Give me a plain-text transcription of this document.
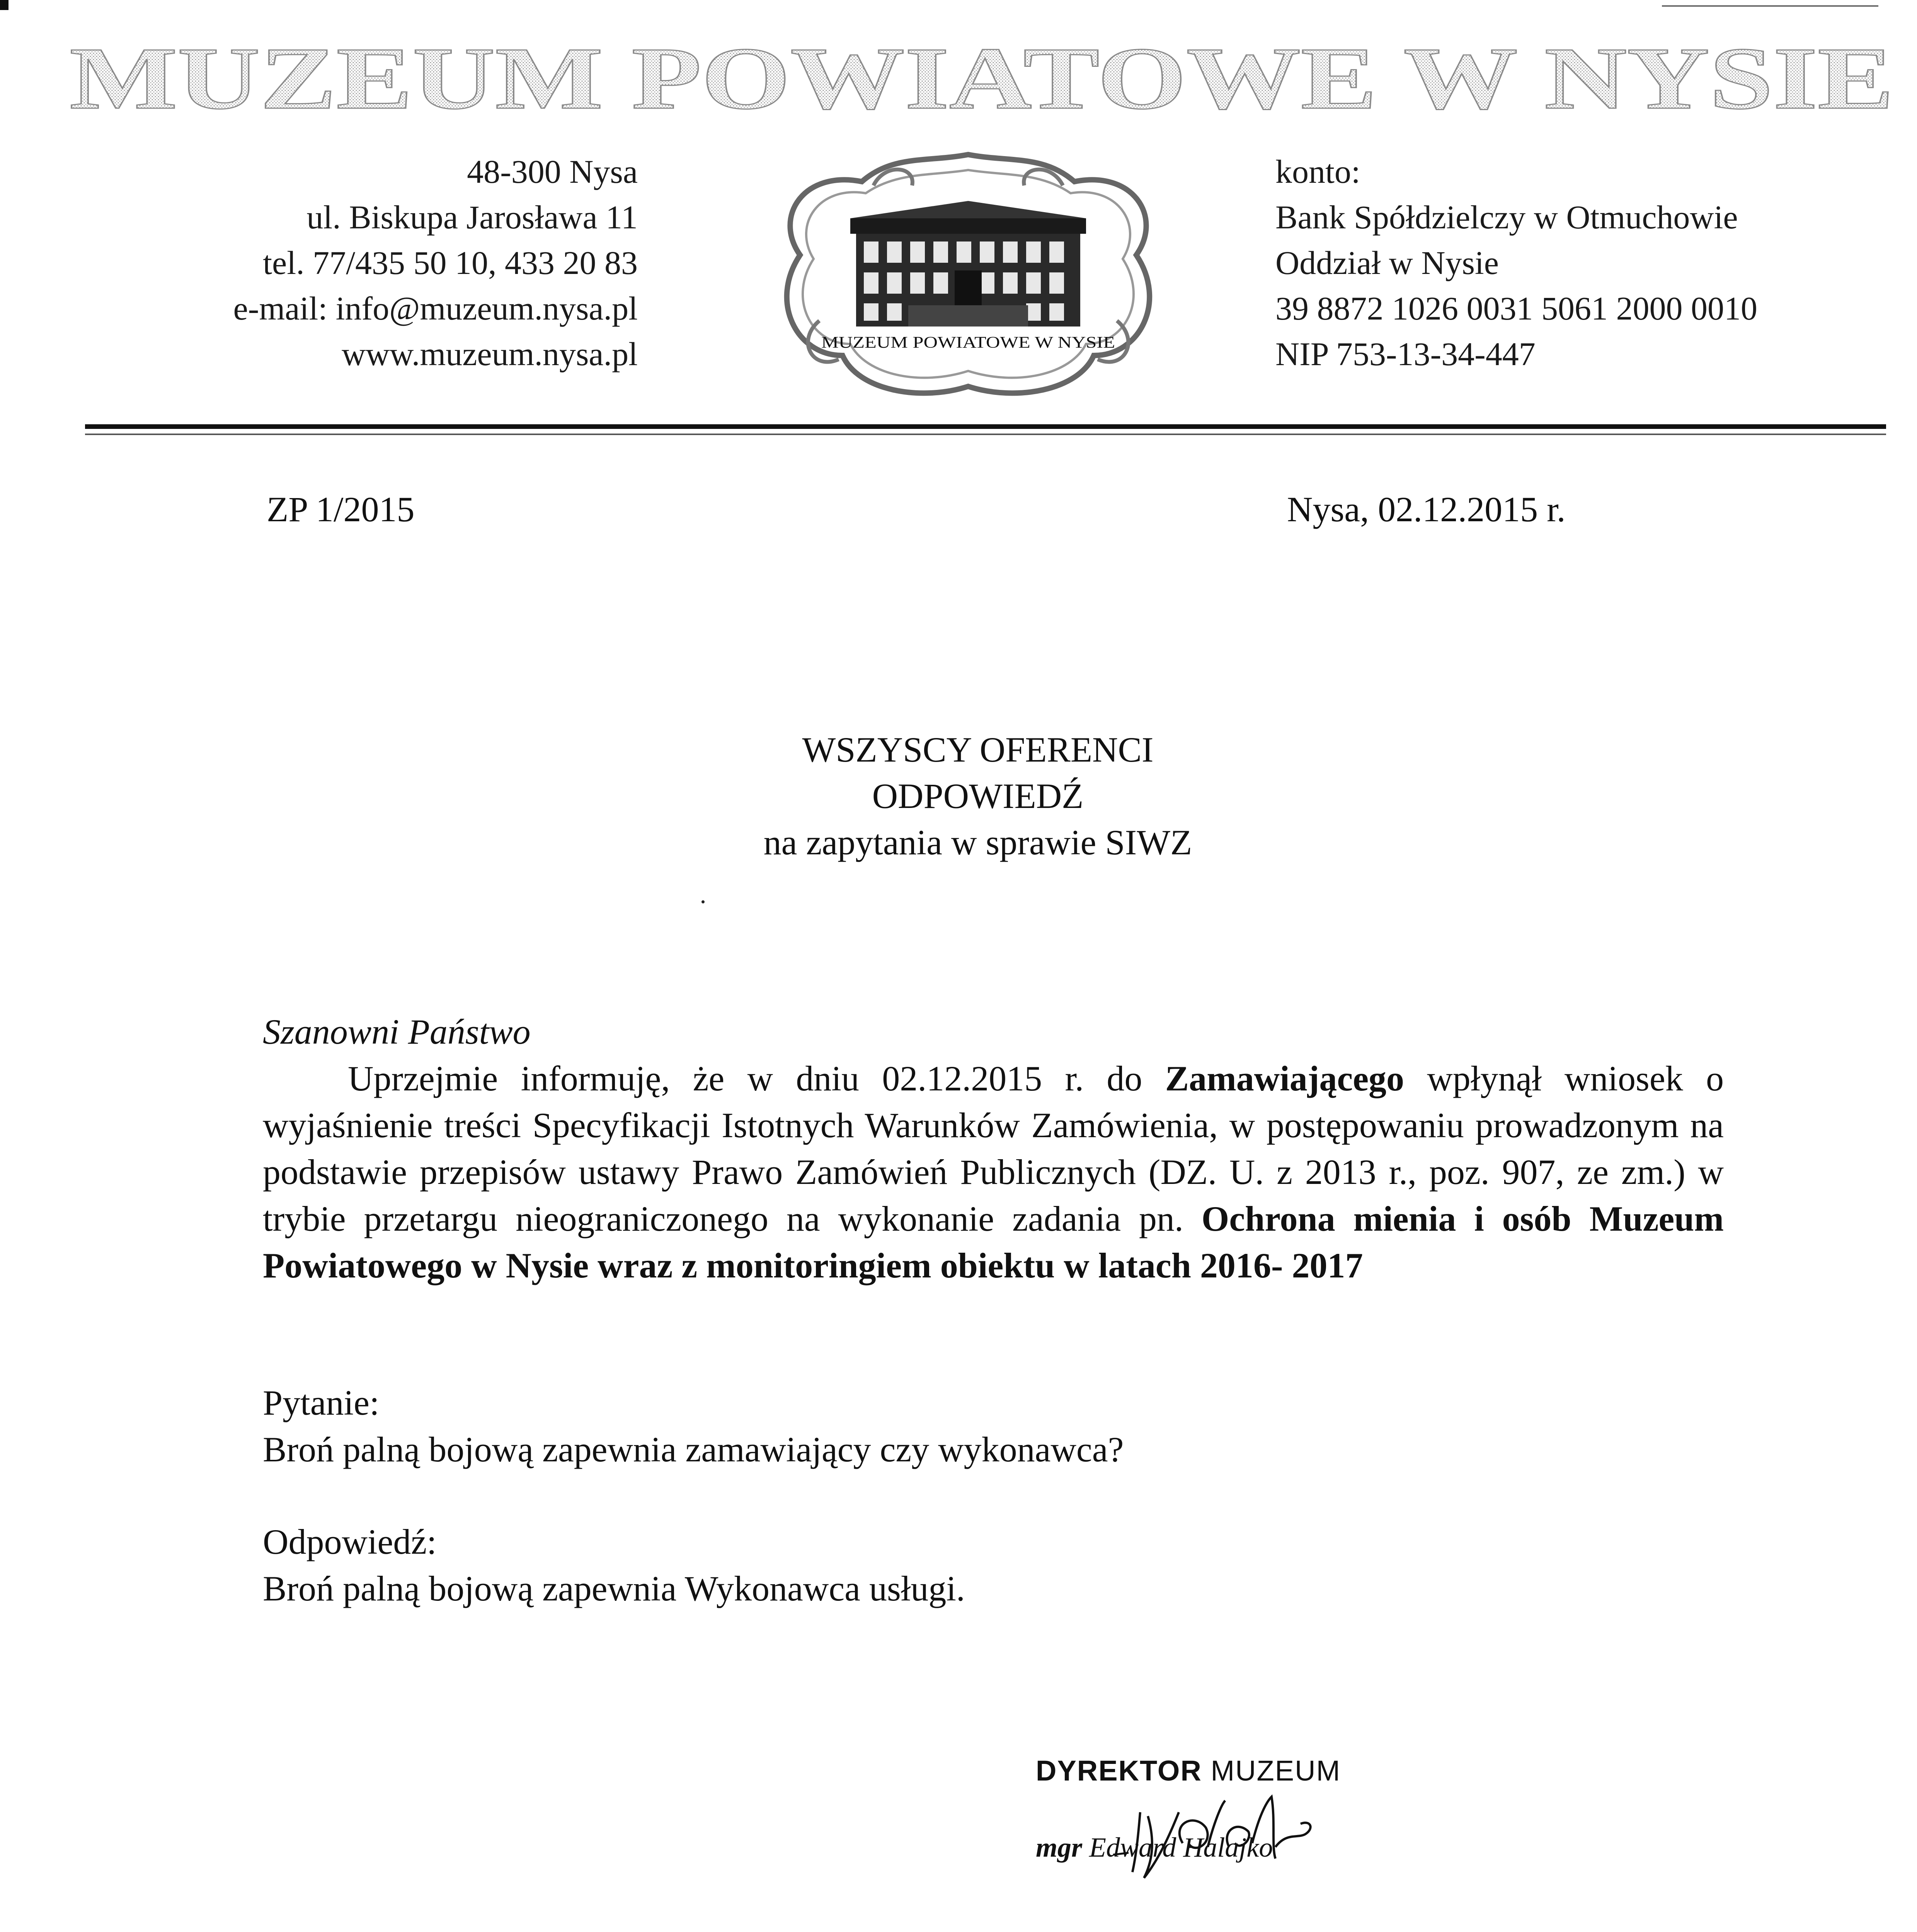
MUZEUM POWIATOWE W NYSIE
48-300 Nysa
ul. Biskupa Jarosława 11
tel. 77/435 50 10, 433 20 83
e-mail: info@muzeum.nysa.pl
www.muzeum.nysa.pl	MUZEUM POWIATOWE W NYSIE
konto:
Bank Spółdzielczy w Otmuchowie
Oddział w Nysie
39 8872 1026 0031 5061 2000 0010
NIP 753-13-34-447
ZP 1/2015	Nysa, 02.12.2015 r.
WSZYSCY OFERENCI
ODPOWIEDŹ
na zapytania w sprawie SIWZ

Szanowni Państwo

Uprzejmie informuję, że w dniu 02.12.2015 r. do Zamawiającego wpłynął wniosek o wyjaśnienie treści Specyfikacji Istotnych Warunków Zamówienia, w postępowaniu prowadzonym na podstawie przepisów ustawy Prawo Zamówień Publicznych (DZ. U. z 2013 r., poz. 907, ze zm.) w trybie przetargu nieograniczonego na wykonanie zadania pn. Ochrona mienia i osób Muzeum Powiatowego w Nysie wraz z monitoringiem obiektu w latach 2016- 2017

Pytanie:
Broń palną bojową zapewnia zamawiający czy wykonawca?
Odpowiedź:
Broń palną bojową zapewnia Wykonawca usługi.
DYREKTOR MUZEUM
mgr Edward Halajko
